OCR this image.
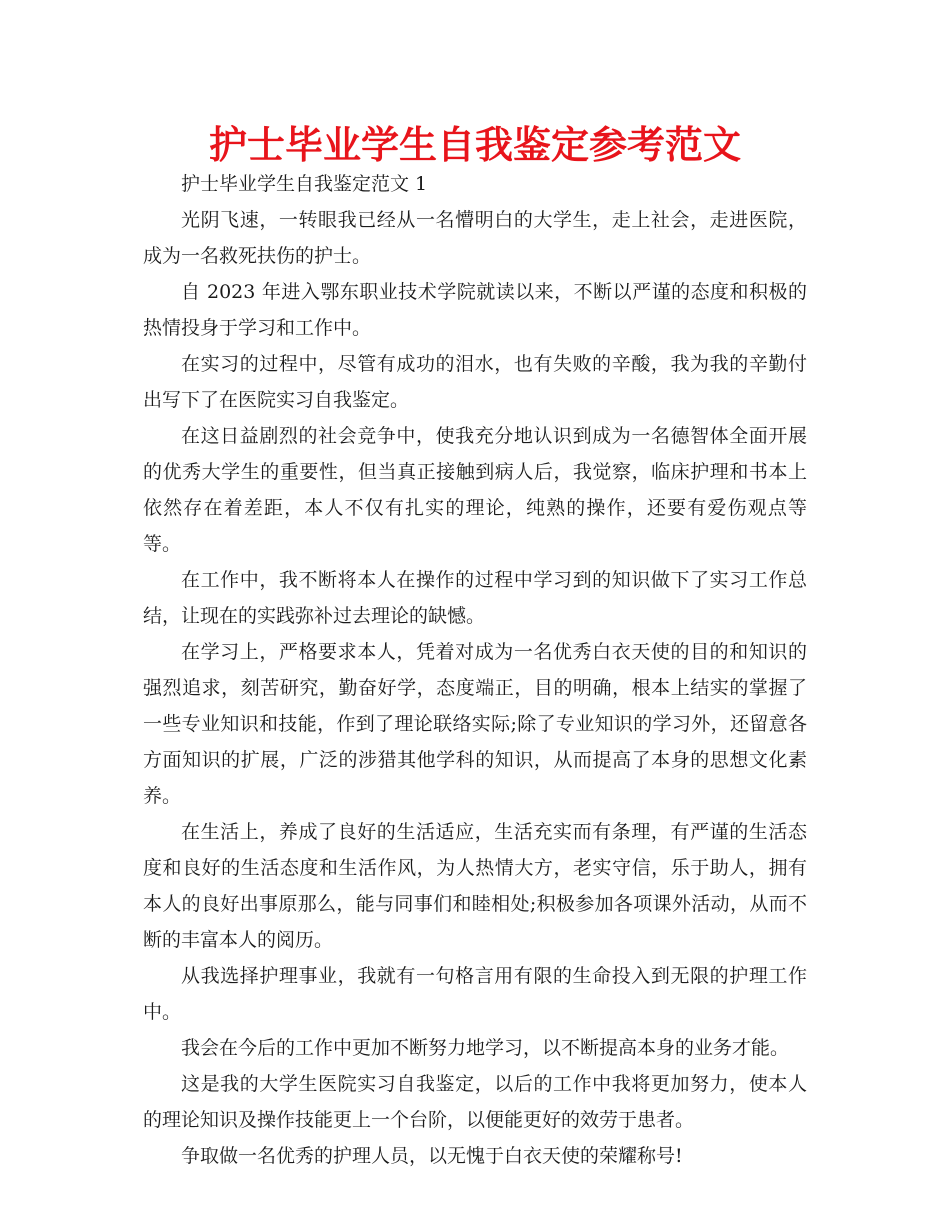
护士毕业学生自我鉴定参考范文

护士毕业学生自我鉴定范文 1

光阴飞速，一转眼我已经从一名懵明白的大学生，走上社会，走进医院，成为一名救死扶伤的护士。

自 2023 年进入鄂东职业技术学院就读以来，不断以严谨的态度和积极的热情投身于学习和工作中。

在实习的过程中，尽管有成功的泪水，也有失败的辛酸，我为我的辛勤付出写下了在医院实习自我鉴定。

在这日益剧烈的社会竞争中，使我充分地认识到成为一名德智体全面开展的优秀大学生的重要性，但当真正接触到病人后，我觉察，临床护理和书本上依然存在着差距，本人不仅有扎实的理论，纯熟的操作，还要有爱伤观点等等。

在工作中，我不断将本人在操作的过程中学习到的知识做下了实习工作总结，让现在的实践弥补过去理论的缺憾。

在学习上，严格要求本人，凭着对成为一名优秀白衣天使的目的和知识的强烈追求，刻苦研究，勤奋好学，态度端正，目的明确，根本上结实的掌握了一些专业知识和技能，作到了理论联络实际;除了专业知识的学习外，还留意各方面知识的扩展，广泛的涉猎其他学科的知识，从而提高了本身的思想文化素养。

在生活上，养成了良好的生活适应，生活充实而有条理，有严谨的生活态度和良好的生活态度和生活作风，为人热情大方，老实守信，乐于助人，拥有本人的良好出事原那么，能与同事们和睦相处;积极参加各项课外活动，从而不断的丰富本人的阅历。

从我选择护理事业，我就有一句格言用有限的生命投入到无限的护理工作中。

我会在今后的工作中更加不断努力地学习，以不断提高本身的业务才能。

这是我的大学生医院实习自我鉴定，以后的工作中我将更加努力，使本人的理论知识及操作技能更上一个台阶，以便能更好的效劳于患者。

争取做一名优秀的护理人员，以无愧于白衣天使的荣耀称号!
